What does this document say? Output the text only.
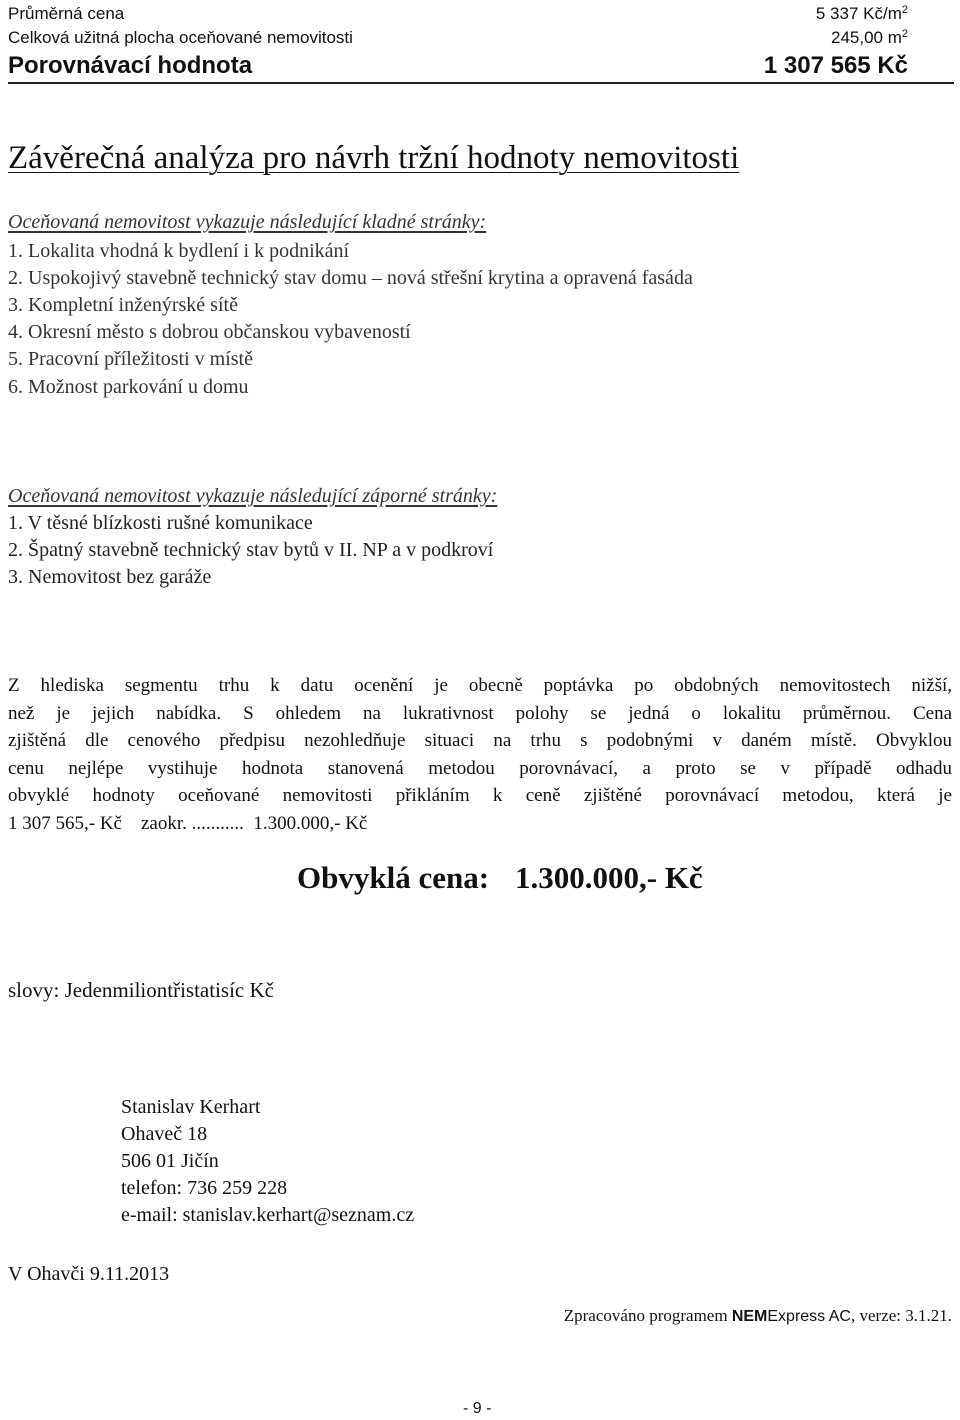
Průměrná cena	5 337 $Kč/m^2$
Celková užitná plocha oceňované nemovitosti	245,00 $m^2$
Porovnávací hodnota	1 307 565 Kč
Závěrečná analýza pro návrh tržní hodnoty nemovitosti
Oceňovaná nemovitost vykazuje následující kladné stránky:
1. Lokalita vhodná k bydlení i k podnikání
2. Uspokojivý stavebně technický stav domu – nová střešní krytina a opravená fasáda
3. Kompletní inženýrské sítě
4. Okresní město s dobrou občanskou vybaveností
5. Pracovní příležitosti v místě
6. Možnost parkování u domu
Oceňovaná nemovitost vykazuje následující záporné stránky:
1. V těsné blízkosti rušné komunikace
2. Špatný stavebně technický stav bytů v II. NP a v podkroví
3. Nemovitost bez garáže
Z hlediska segmentu trhu k datu ocenění je obecně poptávka po obdobných nemovitostech nižší,
než je jejich nabídka. S ohledem na lukrativnost polohy se jedná o lokalitu průměrnou. Cena
zjištěná dle cenového předpisu nezohledňuje situaci na trhu s podobnými v daném místě. Obvyklou
cenu nejlépe vystihuje hodnota stanovená metodou porovnávací, a proto se v případě odhadu
obvyklé hodnoty oceňované nemovitosti přikláním k ceně zjištěné porovnávací metodou, která je
1 307 565,- Kč    zaokr. ...........  1.300.000,- Kč
Obvyklá cena: 1.300.000,- Kč
slovy: Jedenmiliontřistatisíc Kč
Stanislav Kerhart
Ohaveč 18
506 01 Jičín
telefon: 736 259 228
e-mail: stanislav.kerhart@seznam.cz
V Ohavči 9.11.2013
Zpracováno programem NEMExpress AC, verze: 3.1.21.
- 9 -
